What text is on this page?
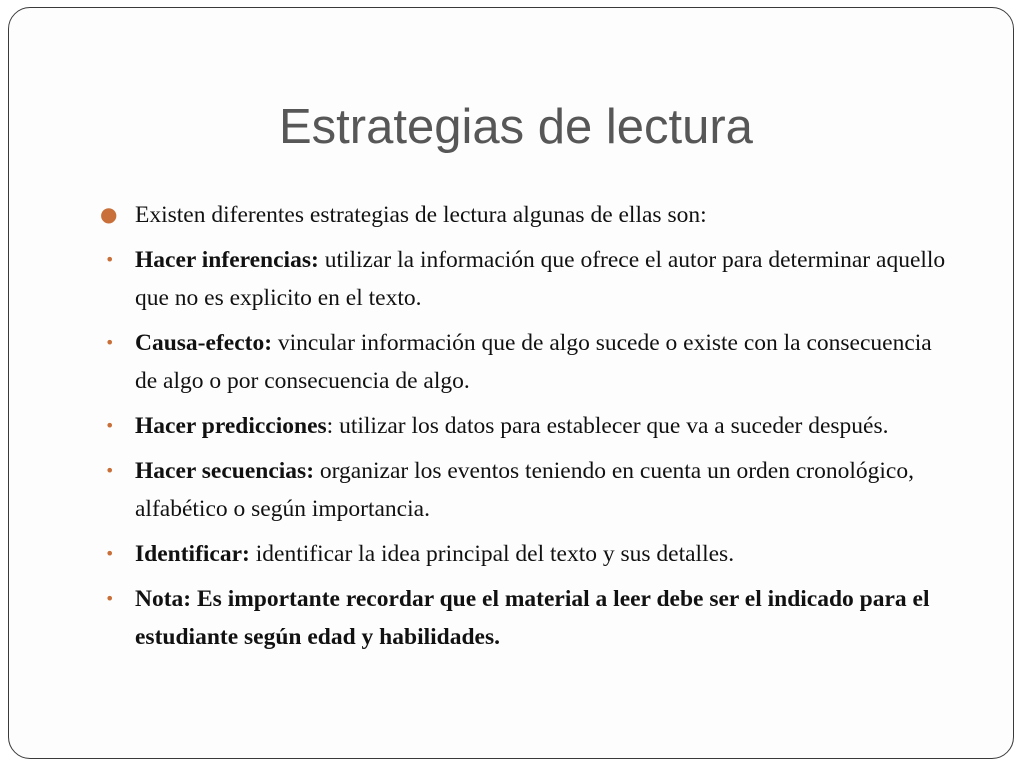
Estrategias de lectura
● Existen diferentes estrategias de lectura algunas de ellas son:
• Hacer inferencias: utilizar la información que ofrece el autor para determinar aquello que no es explicito en el texto.
• Causa-efecto: vincular información que de algo sucede o existe con la consecuencia de algo o por consecuencia de algo.
• Hacer predicciones: utilizar los datos para establecer que va a suceder después.
• Hacer secuencias: organizar los eventos teniendo en cuenta un orden cronológico, alfabético o según importancia.
• Identificar: identificar la idea principal del texto y sus detalles.
• Nota: Es importante recordar que el material a leer debe ser el indicado para el estudiante según edad y habilidades.
